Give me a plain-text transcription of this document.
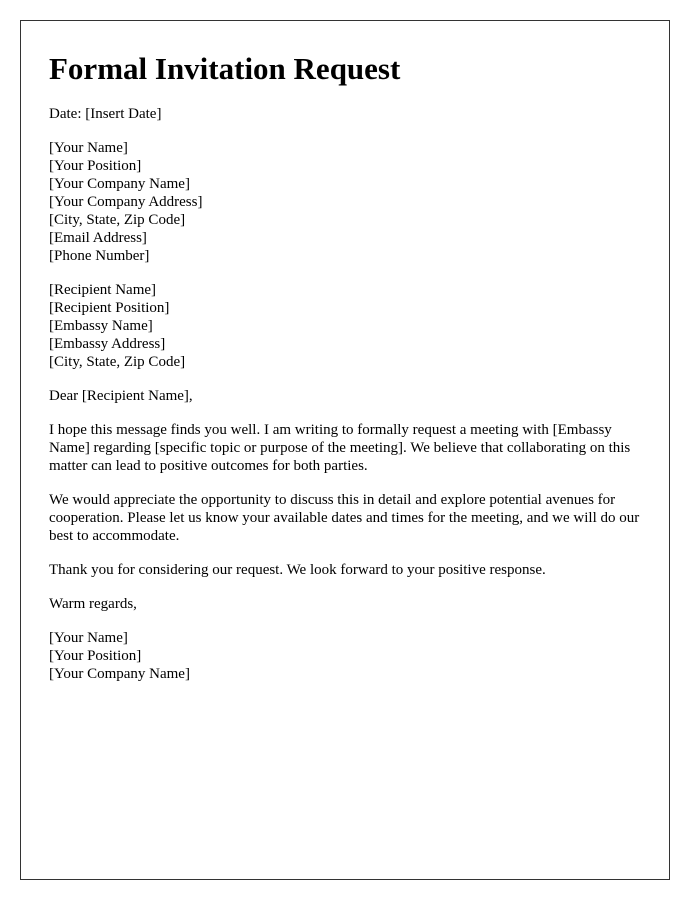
Formal Invitation Request

Date: [Insert Date]

[Your Name]
[Your Position]
[Your Company Name]
[Your Company Address]
[City, State, Zip Code]
[Email Address]
[Phone Number]
[Recipient Name]
[Recipient Position]
[Embassy Name]
[Embassy Address]
[City, State, Zip Code]

Dear [Recipient Name],

I hope this message finds you well. I am writing to formally request a meeting with [Embassy Name] regarding [specific topic or purpose of the meeting]. We believe that collaborating on this matter can lead to positive outcomes for both parties.

We would appreciate the opportunity to discuss this in detail and explore potential avenues for cooperation. Please let us know your available dates and times for the meeting, and we will do our best to accommodate.

Thank you for considering our request. We look forward to your positive response.

Warm regards,

[Your Name]
[Your Position]
[Your Company Name]
